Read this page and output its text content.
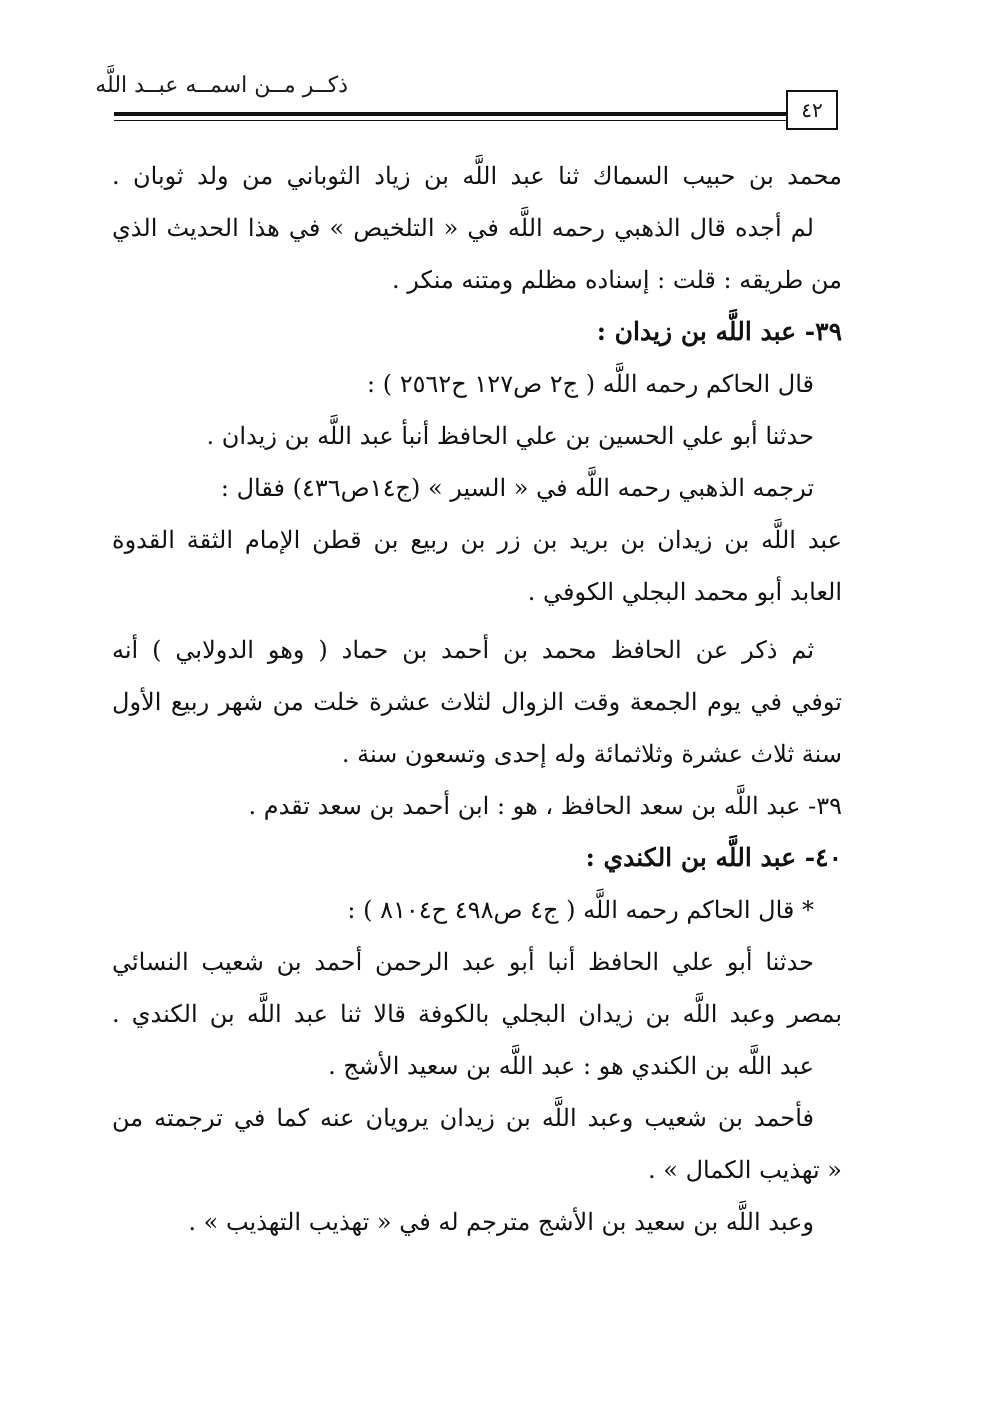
ذكــر مــن اسمــه عبــد اللَّه
٤٢
محمد بن حبيب السماك ثنا عبد اللَّه بن زياد الثوباني من ولد ثوبان .
لم أجده قال الذهبي رحمه اللَّه في « التلخيص » في هذا الحديث الذي
من طريقه : قلت : إسناده مظلم ومتنه منكر .
٣٩- عبد اللَّه بن زيدان :
قال الحاكم رحمه اللَّه ( ج٢ ص١٢٧ ح٢٥٦٢ ) :
حدثنا أبو علي الحسين بن علي الحافظ أنبأ عبد اللَّه بن زيدان .
ترجمه الذهبي رحمه اللَّه في « السير » (ج١٤ص٤٣٦) فقال :
عبد اللَّه بن زيدان بن بريد بن زر بن ربيع بن قطن الإمام الثقة القدوة
العابد أبو محمد البجلي الكوفي .
ثم ذكر عن الحافظ محمد بن أحمد بن حماد ( وهو الدولابي ) أنه
توفي في يوم الجمعة وقت الزوال لثلاث عشرة خلت من شهر ربيع الأول
سنة ثلاث عشرة وثلاثمائة وله إحدى وتسعون سنة .
٣٩- عبد اللَّه بن سعد الحافظ ، هو : ابن أحمد بن سعد تقدم .
٤٠- عبد اللَّه بن الكندي :
* قال الحاكم رحمه اللَّه ( ج٤ ص٤٩٨ ح٨١٠٤ ) :
حدثنا أبو علي الحافظ أنبا أبو عبد الرحمن أحمد بن شعيب النسائي
بمصر وعبد اللَّه بن زيدان البجلي بالكوفة قالا ثنا عبد اللَّه بن الكندي .
عبد اللَّه بن الكندي هو : عبد اللَّه بن سعيد الأشج .
فأحمد بن شعيب وعبد اللَّه بن زيدان يرويان عنه كما في ترجمته من
« تهذيب الكمال » .
وعبد اللَّه بن سعيد بن الأشج مترجم له في « تهذيب التهذيب » .
